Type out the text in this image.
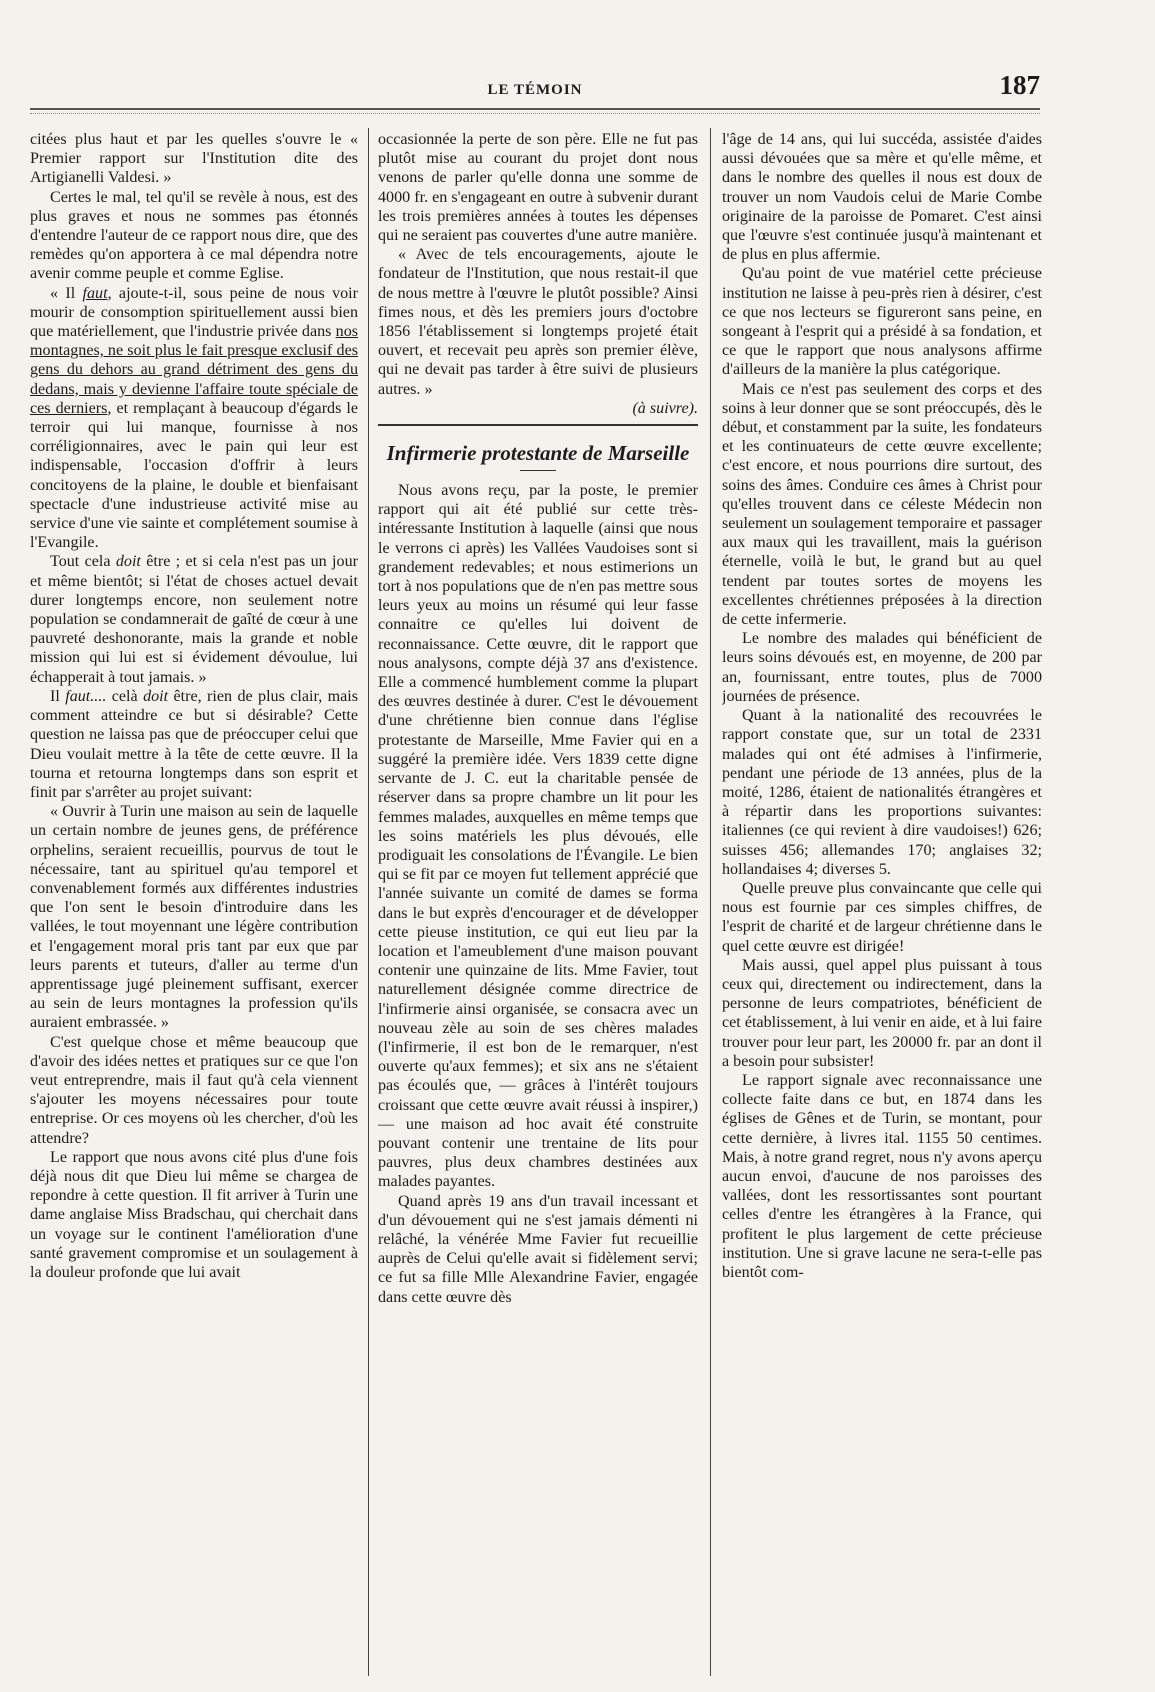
LE TÉMOIN	187

citées plus haut et par les quelles s'ouvre le « Premier rapport sur l'Institution dite des Artigianelli Valdesi. »

Certes le mal, tel qu'il se revèle à nous, est des plus graves et nous ne sommes pas étonnés d'entendre l'auteur de ce rapport nous dire, que des remèdes qu'on apportera à ce mal dépendra notre avenir comme peuple et comme Eglise.

« Il faut, ajoute-t-il, sous peine de nous voir mourir de consomption spirituellement aussi bien que matériellement, que l'industrie privée dans nos montagnes, ne soit plus le fait presque exclusif des gens du dehors au grand détriment des gens du dedans, mais y devienne l'affaire toute spéciale de ces derniers, et remplaçant à beaucoup d'égards le terroir qui lui manque, fournisse à nos corréligionnaires, avec le pain qui leur est indispensable, l'occasion d'offrir à leurs concitoyens de la plaine, le double et bienfaisant spectacle d'une industrieuse activité mise au service d'une vie sainte et complétement soumise à l'Evangile.

Tout cela doit être ; et si cela n'est pas un jour et même bientôt; si l'état de choses actuel devait durer longtemps encore, non seulement notre population se condamnerait de gaîté de cœur à une pauvreté deshonorante, mais la grande et noble mission qui lui est si évidement dévoulue, lui échapperait à tout jamais. »

Il faut.... celà doit être, rien de plus clair, mais comment atteindre ce but si désirable? Cette question ne laissa pas que de préoccuper celui que Dieu voulait mettre à la tête de cette œuvre. Il la tourna et retourna longtemps dans son esprit et finit par s'arrêter au projet suivant:

« Ouvrir à Turin une maison au sein de laquelle un certain nombre de jeunes gens, de préférence orphelins, seraient recueillis, pourvus de tout le nécessaire, tant au spirituel qu'au temporel et convenablement formés aux différentes industries que l'on sent le besoin d'introduire dans les vallées, le tout moyennant une légère contribution et l'engagement moral pris tant par eux que par leurs parents et tuteurs, d'aller au terme d'un apprentissage jugé pleinement suffisant, exercer au sein de leurs montagnes la profession qu'ils auraient embrassée. »

C'est quelque chose et même beaucoup que d'avoir des idées nettes et pratiques sur ce que l'on veut entreprendre, mais il faut qu'à cela viennent s'ajouter les moyens nécessaires pour toute entreprise. Or ces moyens où les chercher, d'où les attendre?

Le rapport que nous avons cité plus d'une fois déjà nous dit que Dieu lui même se chargea de repondre à cette question. Il fit arriver à Turin une dame anglaise Miss Bradschau, qui cherchait dans un voyage sur le continent l'amélioration d'une santé gravement compromise et un soulagement à la douleur profonde que lui avait

occasionnée la perte de son père. Elle ne fut pas plutôt mise au courant du projet dont nous venons de parler qu'elle donna une somme de 4000 fr. en s'engageant en outre à subvenir durant les trois premières années à toutes les dépenses qui ne seraient pas couvertes d'une autre manière.

« Avec de tels encouragements, ajoute le fondateur de l'Institution, que nous restait-il que de nous mettre à l'œuvre le plutôt possible? Ainsi fimes nous, et dès les premiers jours d'octobre 1856 l'établissement si longtemps projeté était ouvert, et recevait peu après son premier élève, qui ne devait pas tarder à être suivi de plusieurs autres. »

(à suivre).
Infirmerie protestante de Marseille

Nous avons reçu, par la poste, le premier rapport qui ait été publié sur cette très-intéressante Institution à laquelle (ainsi que nous le verrons ci après) les Vallées Vaudoises sont si grandement redevables; et nous estimerions un tort à nos populations que de n'en pas mettre sous leurs yeux au moins un résumé qui leur fasse connaitre ce qu'elles lui doivent de reconnaissance. Cette œuvre, dit le rapport que nous analysons, compte déjà 37 ans d'existence. Elle a commencé humblement comme la plupart des œuvres destinée à durer. C'est le dévouement d'une chrétienne bien connue dans l'église protestante de Marseille, Mme Favier qui en a suggéré la première idée. Vers 1839 cette digne servante de J. C. eut la charitable pensée de réserver dans sa propre chambre un lit pour les femmes malades, auxquelles en même temps que les soins matériels les plus dévoués, elle prodiguait les consolations de l'Évangile. Le bien qui se fit par ce moyen fut tellement apprécié que l'année suivante un comité de dames se forma dans le but exprès d'encourager et de développer cette pieuse institution, ce qui eut lieu par la location et l'ameublement d'une maison pouvant contenir une quinzaine de lits. Mme Favier, tout naturellement désignée comme directrice de l'infirmerie ainsi organisée, se consacra avec un nouveau zèle au soin de ses chères malades (l'infirmerie, il est bon de le remarquer, n'est ouverte qu'aux femmes); et six ans ne s'étaient pas écoulés que, — grâces à l'intérêt toujours croissant que cette œuvre avait réussi à inspirer,) — une maison ad hoc avait été construite pouvant contenir une trentaine de lits pour pauvres, plus deux chambres destinées aux malades payantes.

Quand après 19 ans d'un travail incessant et d'un dévouement qui ne s'est jamais démenti ni relâché, la vénérée Mme Favier fut recueillie auprès de Celui qu'elle avait si fidèlement servi; ce fut sa fille Mlle Alexandrine Favier, engagée dans cette œuvre dès

l'âge de 14 ans, qui lui succéda, assistée d'aides aussi dévouées que sa mère et qu'elle même, et dans le nombre des quelles il nous est doux de trouver un nom Vaudois celui de Marie Combe originaire de la paroisse de Pomaret. C'est ainsi que l'œuvre s'est continuée jusqu'à maintenant et de plus en plus affermie.

Qu'au point de vue matériel cette précieuse institution ne laisse à peu-près rien à désirer, c'est ce que nos lecteurs se figureront sans peine, en songeant à l'esprit qui a présidé à sa fondation, et ce que le rapport que nous analysons affirme d'ailleurs de la manière la plus catégorique.

Mais ce n'est pas seulement des corps et des soins à leur donner que se sont préoccupés, dès le début, et constamment par la suite, les fondateurs et les continuateurs de cette œuvre excellente; c'est encore, et nous pourrions dire surtout, des soins des âmes. Conduire ces âmes à Christ pour qu'elles trouvent dans ce céleste Médecin non seulement un soulagement temporaire et passager aux maux qui les travaillent, mais la guérison éternelle, voilà le but, le grand but au quel tendent par toutes sortes de moyens les excellentes chrétiennes préposées à la direction de cette infermerie.

Le nombre des malades qui bénéficient de leurs soins dévoués est, en moyenne, de 200 par an, fournissant, entre toutes, plus de 7000 journées de présence.

Quant à la nationalité des recouvrées le rapport constate que, sur un total de 2331 malades qui ont été admises à l'infirmerie, pendant une période de 13 années, plus de la moité, 1286, étaient de nationalités étrangères et à répartir dans les proportions suivantes: italiennes (ce qui revient à dire vaudoises!) 626; suisses 456; allemandes 170; anglaises 32; hollandaises 4; diverses 5.

Quelle preuve plus convaincante que celle qui nous est fournie par ces simples chiffres, de l'esprit de charité et de largeur chrétienne dans le quel cette œuvre est dirigée!

Mais aussi, quel appel plus puissant à tous ceux qui, directement ou indirectement, dans la personne de leurs compatriotes, bénéficient de cet établissement, à lui venir en aide, et à lui faire trouver pour leur part, les 20000 fr. par an dont il a besoin pour subsister!

Le rapport signale avec reconnaissance une collecte faite dans ce but, en 1874 dans les églises de Gênes et de Turin, se montant, pour cette dernière, à livres ital. 1155 50 centimes. Mais, à notre grand regret, nous n'y avons aperçu aucun envoi, d'aucune de nos paroisses des vallées, dont les ressortissantes sont pourtant celles d'entre les étrangères à la France, qui profitent le plus largement de cette précieuse institution. Une si grave lacune ne sera-t-elle pas bientôt com-
